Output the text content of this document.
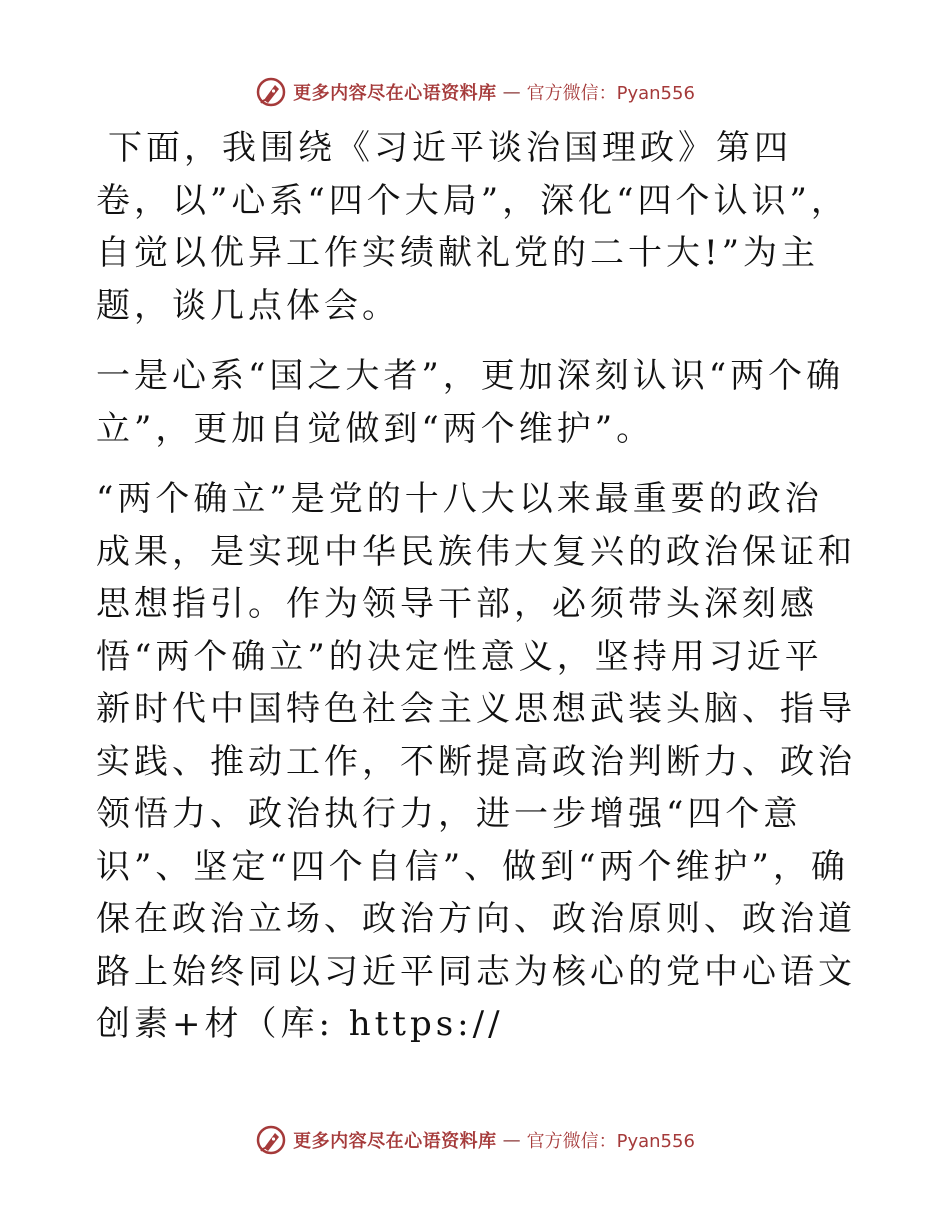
更多内容尽在心语资料库 — 官方微信：Pyan556

下面，我围绕《习近平谈治国理政》第四卷，以”心系“四个大局”，深化“四个认识”，自觉以优异工作实绩献礼党的二十大!”为主题，谈几点体会。

一是心系“国之大者”，更加深刻认识“两个确立”，更加自觉做到“两个维护”。

“两个确立”是党的十八大以来最重要的政治成果，是实现中华民族伟大复兴的政治保证和思想指引。作为领导干部，必须带头深刻感悟“两个确立”的决定性意义，坚持用习近平新时代中国特色社会主义思想武装头脑、指导实践、推动工作，不断提高政治判断力、政治领悟力、政治执行力，进一步增强“四个意识”、坚定“四个自信”、做到“两个维护”，确保在政治立场、政治方向、政治原则、政治道路上始终同以习近平同志为核心的党中心语文创素+材（库: https://

更多内容尽在心语资料库 — 官方微信：Pyan556
